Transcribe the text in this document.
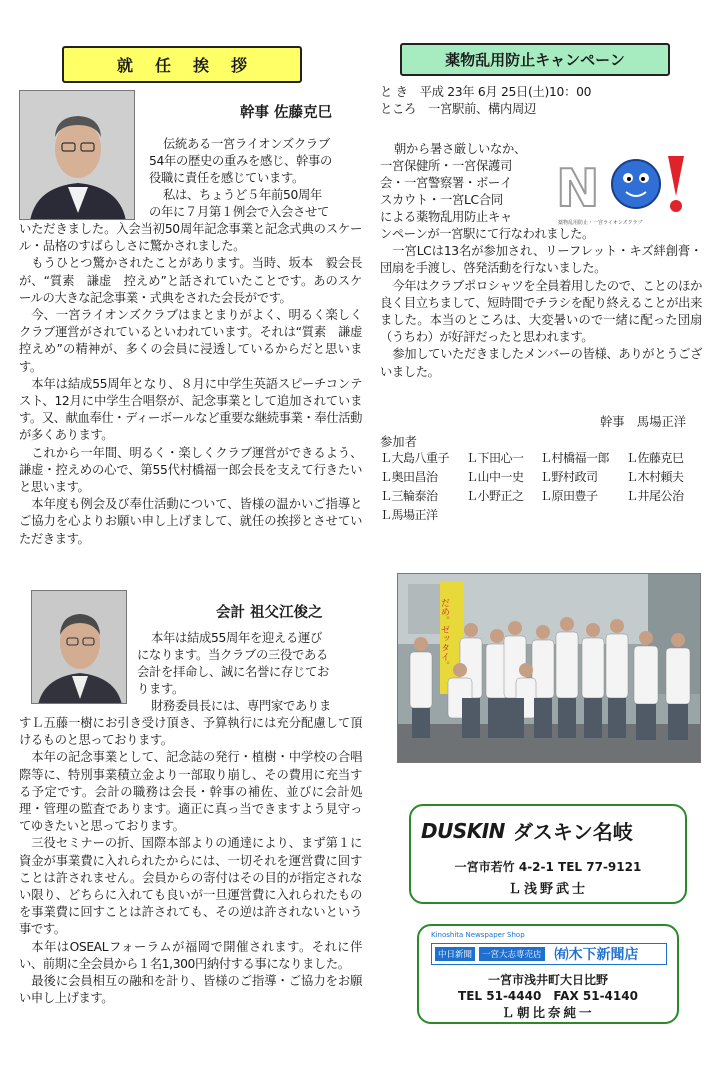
就任挨拶
幹事 佐藤克巳

伝統ある一宮ライオンズクラブ

54年の歴史の重みを感じ、幹事の

役職に責任を感じています。

私は、ちょうど５年前50周年

の年に７月第１例会で入会させて

いただきました。入会当初50周年記念事業と記念式典のスケール・品格のすばらしさに驚かされました。

もうひとつ驚かされたことがあります。当時、坂本　毅会長が、“質素　謙虚　控えめ”と話されていたことです。あのスケールの大きな記念事業・式典をされた会長がです。

今、一宮ライオンズクラブはまとまりがよく、明るく楽しくクラブ運営がされているといわれています。それは“質素　謙虚　控えめ”の精神が、多くの会員に浸透しているからだと思います。

本年は結成55周年となり、８月に中学生英語スピーチコンテスト、12月に中学生合唱祭が、記念事業として追加されています。又、献血奉仕・ディーボールなど重要な継続事業・奉仕活動が多くあります。

これから一年間、明るく・楽しくクラブ運営ができるよう、謙虚・控えめの心で、第55代村橋福一郎会長を支えて行きたいと思います。

本年度も例会及び奉仕活動について、皆様の温かいご指導とご協力を心よりお願い申し上げまして、就任の挨拶とさせていただきます。

会計 祖父江俊之

本年は結成55周年を迎える運び

になります。当クラブの三役である

会計を拝命し、誠に名誉に存じてお

ります。

財務委員長には、専門家でありま

すＬ五藤一樹にお引き受け頂き、予算執行には充分配慮して頂けるものと思っております。

本年の記念事業として、記念誌の発行・植樹・中学校の合唱際等に、特別事業積立金より一部取り崩し、その費用に充当する予定です。会計の職務は会長・幹事の補佐、並びに会計処理・管理の監査であります。適正に真っ当できますよう見守ってゆきたいと思っております。

三役セミナーの折、国際本部よりの通達により、まず第１に資金が事業費に入れられたからには、一切それを運営費に回すことは許されません。会員からの寄付はその目的が指定されない限り、どちらに入れても良いが一旦運営費に入れられたものを事業費に回すことは許されても、その逆は許されないという事です。

本年はOSEALフォーラムが福岡で開催されます。それに伴い、前期に全会員から１名1,300円納付する事になりました。

最後に会員相互の融和を計り、皆様のご指導・ご協力をお願い申し上げます。

薬物乱用防止キャンペーン

と き　平成 23年 6月 25日(土)10：00

ところ　一宮駅前、構内周辺

朝から暑さ厳しいなか、

一宮保健所・一宮保護司

会・一宮警察署・ボーイ

スカウト・一宮LC合同

による薬物乱用防止キャ N
薬物乱用防止・一宮ライオンズクラブ

ンペーンが一宮駅にて行なわれました。

一宮LCは13名が参加され、リーフレット・キズ絆創膏・団扇を手渡し、啓発活動を行ないました。

今年はクラブポロシャツを全員着用したので、ことのほか良く目立ちまして、短時間でチラシを配り終えることが出来ました。本当のところは、大変暑いので一緒に配った団扇（うちわ）が好評だったと思われます。

参加していただきましたメンバーの皆様、ありがとうございました。

幹事　馬場正洋
参加者
Ｌ大島八重子	Ｌ下田心一	Ｌ村橋福一郎	Ｌ佐藤克巳
Ｌ奥田昌治	Ｌ山中一史	Ｌ野村政司	Ｌ木村頼夫
Ｌ三輪泰治	Ｌ小野正之	Ｌ原田豊子	Ｌ井尾公治
Ｌ馬場正洋
だめ。ゼッタイ。
DUSKIN ダスキン名岐
一宮市若竹 4-2-1 TEL 77-9121
Ｌ浅野武士
Kinoshita Newspaper Shop
中日新聞	一宮大志専売店 ㈲木下新聞店
一宮市浅井町大日比野
TEL 51-4440　FAX 51-4140
Ｌ朝比奈純一
